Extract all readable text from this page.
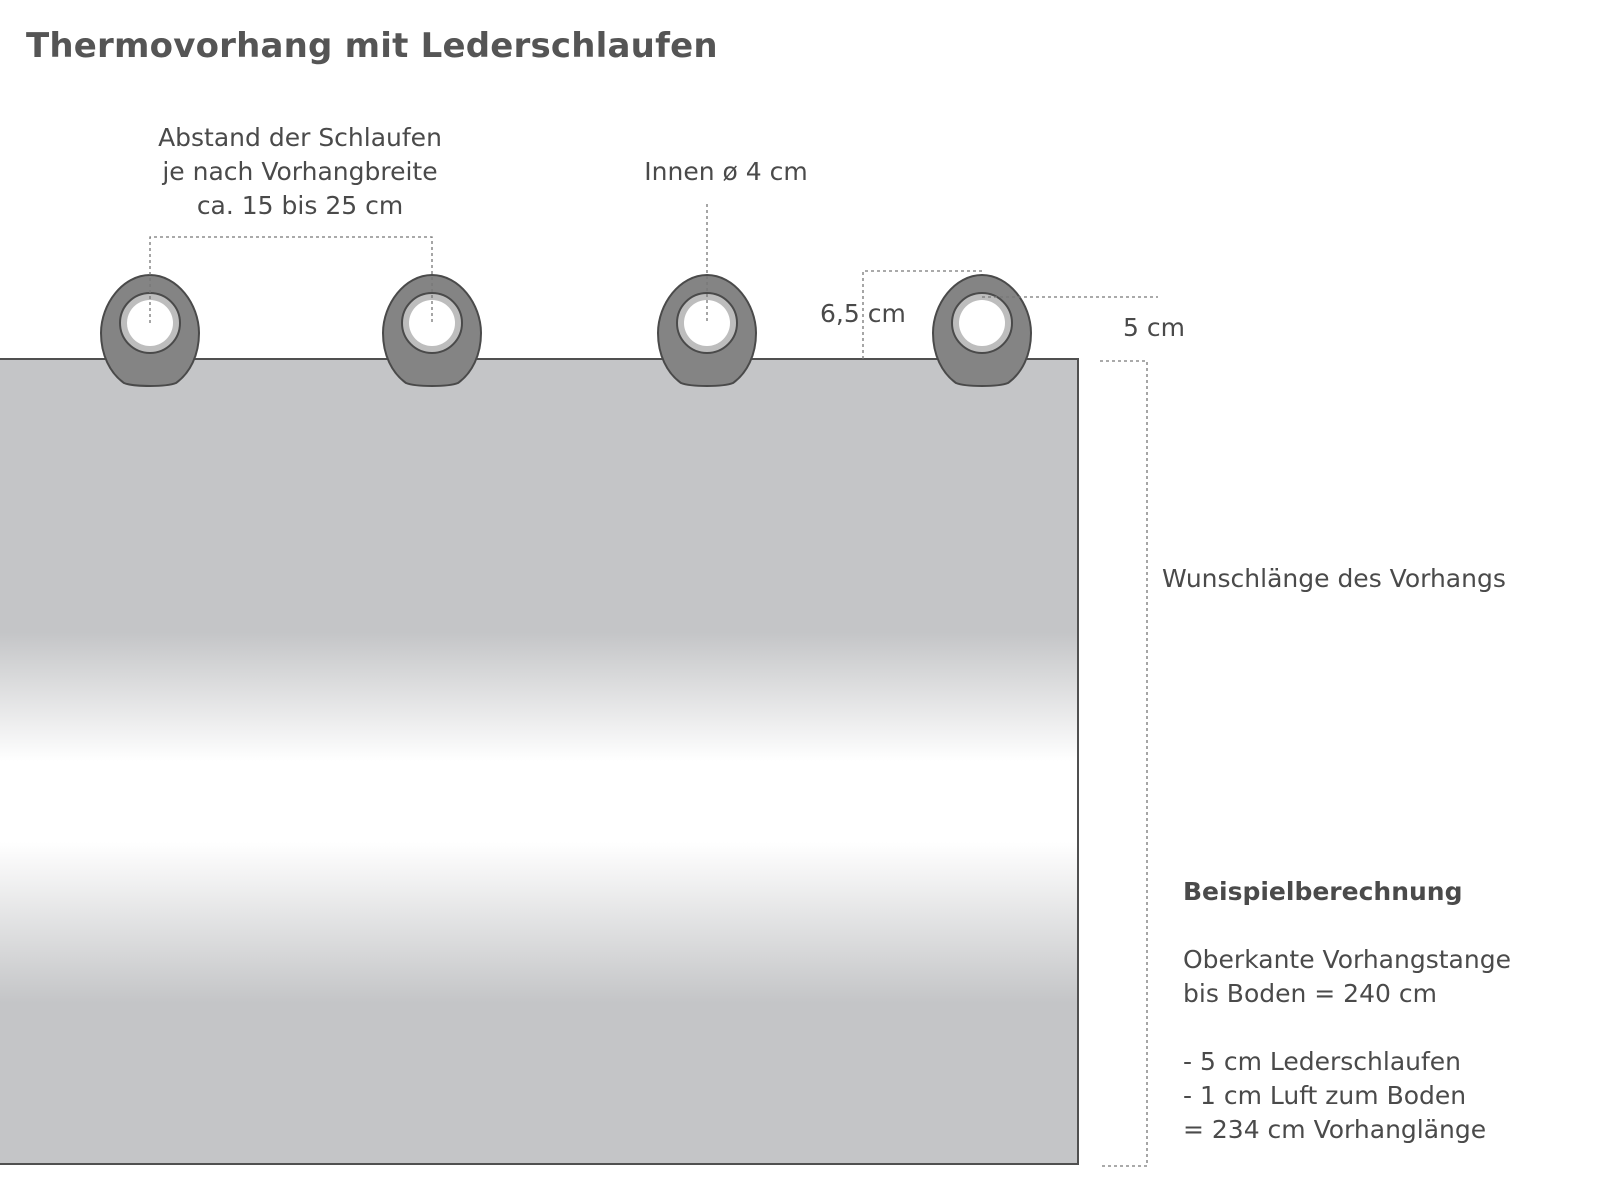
Thermovorhang mit Lederschlaufen
Abstand der Schlaufen
je nach Vorhangbreite
ca. 15 bis 25 cm
Innen ø 4 cm
6,5 cm	5 cm
Wunschlänge des Vorhangs
Beispielberechnung
Oberkante Vorhangstange
bis Boden = 240 cm
- 5 cm Lederschlaufen
- 1 cm Luft zum Boden
= 234 cm Vorhanglänge
